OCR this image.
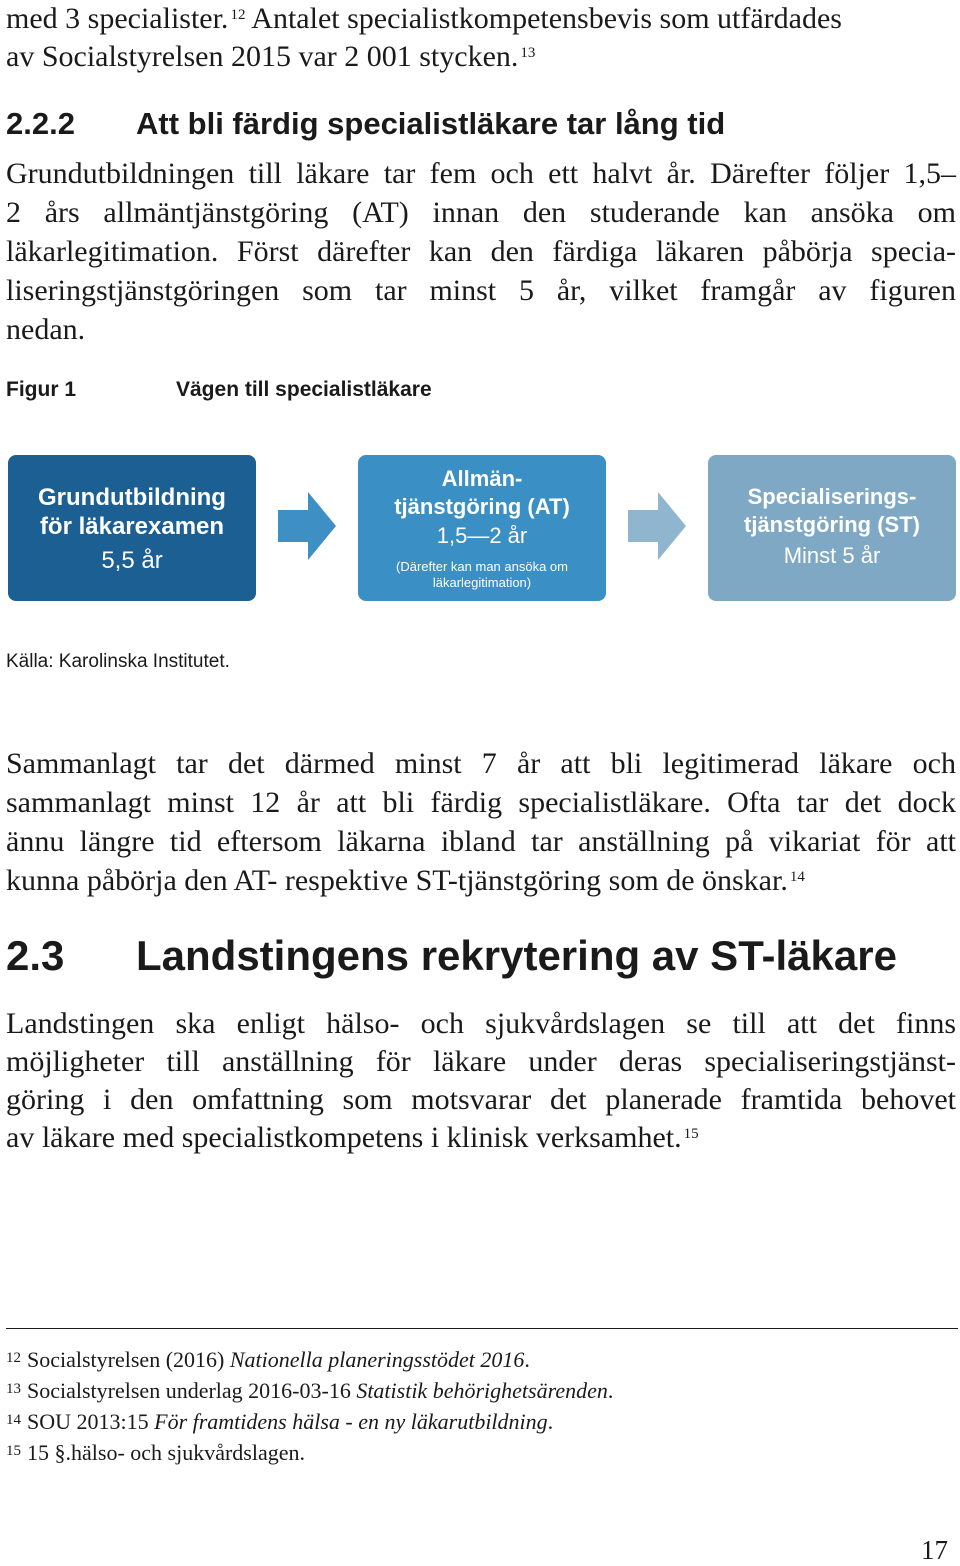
med 3 specialister. $^{12}$ Antalet specialistkompetensbevis som utfärdades
av Socialstyrelsen 2015 var 2 001 stycken. $^{13}$
2.2.2 Att bli färdig specialistläkare tar lång tid
Grundutbildningen till läkare tar fem och ett halvt år. Därefter följer 1,5–
2 års allmäntjänstgöring (AT) innan den studerande kan ansöka om
läkarlegitimation. Först därefter kan den färdiga läkaren påbörja specia-
liseringstjänstgöringen som tar minst 5 år, vilket framgår av figuren
nedan.
Figur 1	Vägen till specialistläkare
Grundutbildning
för läkarexamen
5,5 år
Allmän-
tjänstgöring (AT)
1,5—2 år
(Därefter kan man ansöka om
läkarlegitimation)
Specialiserings-
tjänstgöring (ST)
Minst 5 år
Källa: Karolinska Institutet.
Sammanlagt tar det därmed minst 7 år att bli legitimerad läkare och
sammanlagt minst 12 år att bli färdig specialistläkare. Ofta tar det dock
ännu längre tid eftersom läkarna ibland tar anställning på vikariat för att
kunna påbörja den AT- respektive ST-tjänstgöring som de önskar. $^{14}$
2.3 Landstingens rekrytering av ST-läkare
Landstingen ska enligt hälso- och sjukvårdslagen se till att det finns
möjligheter till anställning för läkare under deras specialiseringstjänst-
göring i den omfattning som motsvarar det planerade framtida behovet
av läkare med specialistkompetens i klinisk verksamhet. $^{15}$
$^{12}$ Socialstyrelsen (2016) Nationella planeringsstödet 2016.
$^{13}$ Socialstyrelsen underlag 2016-03-16 Statistik behörighetsärenden.
$^{14}$ SOU 2013:15 För framtidens hälsa - en ny läkarutbildning.
$^{15}$ 15 §.hälso- och sjukvårdslagen.
17
